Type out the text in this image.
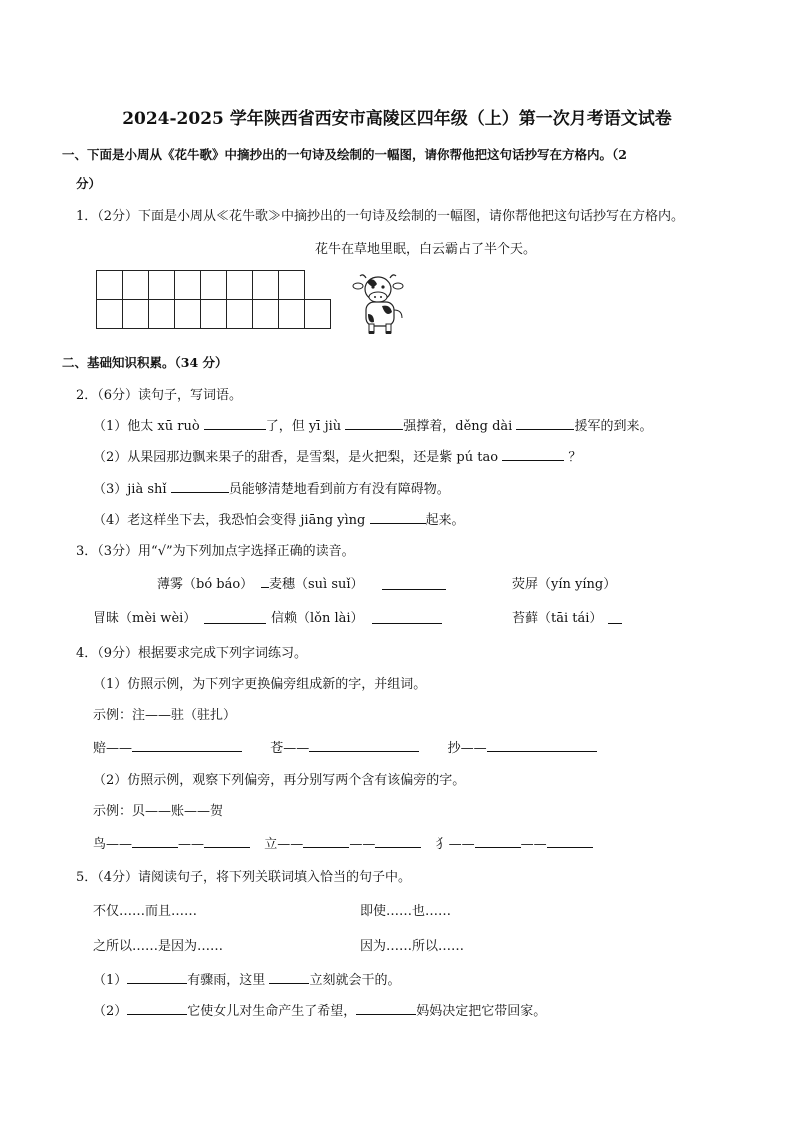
2024-2025 学年陕西省西安市高陵区四年级（上）第一次月考语文试卷
一、下面是小周从《花牛歌》中摘抄出的一句诗及绘制的一幅图，请你帮他把这句话抄写在方格内。（2
分）
1．（2分）下面是小周从≪花牛歌≫中摘抄出的一句诗及绘制的一幅图，请你帮他把这句话抄写在方格内。
花牛在草地里眠，白云霸占了半个天。
二、基础知识积累。（34 分）
2．（6分）读句子，写词语。
（1）他太 xū ruò	了，但 yī jiù	强撑着，děng dài	援军的到来。
（2）从果园那边飘来果子的甜香，是雪梨，是火把梨，还是紫 pú tao	？
（3）jià shǐ	员能够清楚地看到前方有没有障碍物。
（4）老这样坐下去，我恐怕会变得 jiāng yìng	起来。
3．（3分）用“√”为下列加点字选择正确的读音。
薄雾（bó báo）	麦穗（suì suǐ）	荧屏（yín yíng）
冒昧（mèi wèi）	信赖（lǒn lài）	苔藓（tāi tái）
4．（9分）根据要求完成下列字词练习。
（1）仿照示例，为下列字更换偏旁组成新的字，并组词。
示例：注——驻（驻扎）
赔——	苍——	抄——
（2）仿照示例，观察下列偏旁，再分别写两个含有该偏旁的字。
示例：贝——账——贺
鸟——	——	立——	——	犭——	——
5．（4分）请阅读句子，将下列关联词填入恰当的句子中。
不仅……而且……	即使……也……
之所以……是因为……	因为……所以……
（1）	有骤雨，这里	立刻就会干的。
（2）	它使女儿对生命产生了希望，	妈妈决定把它带回家。
